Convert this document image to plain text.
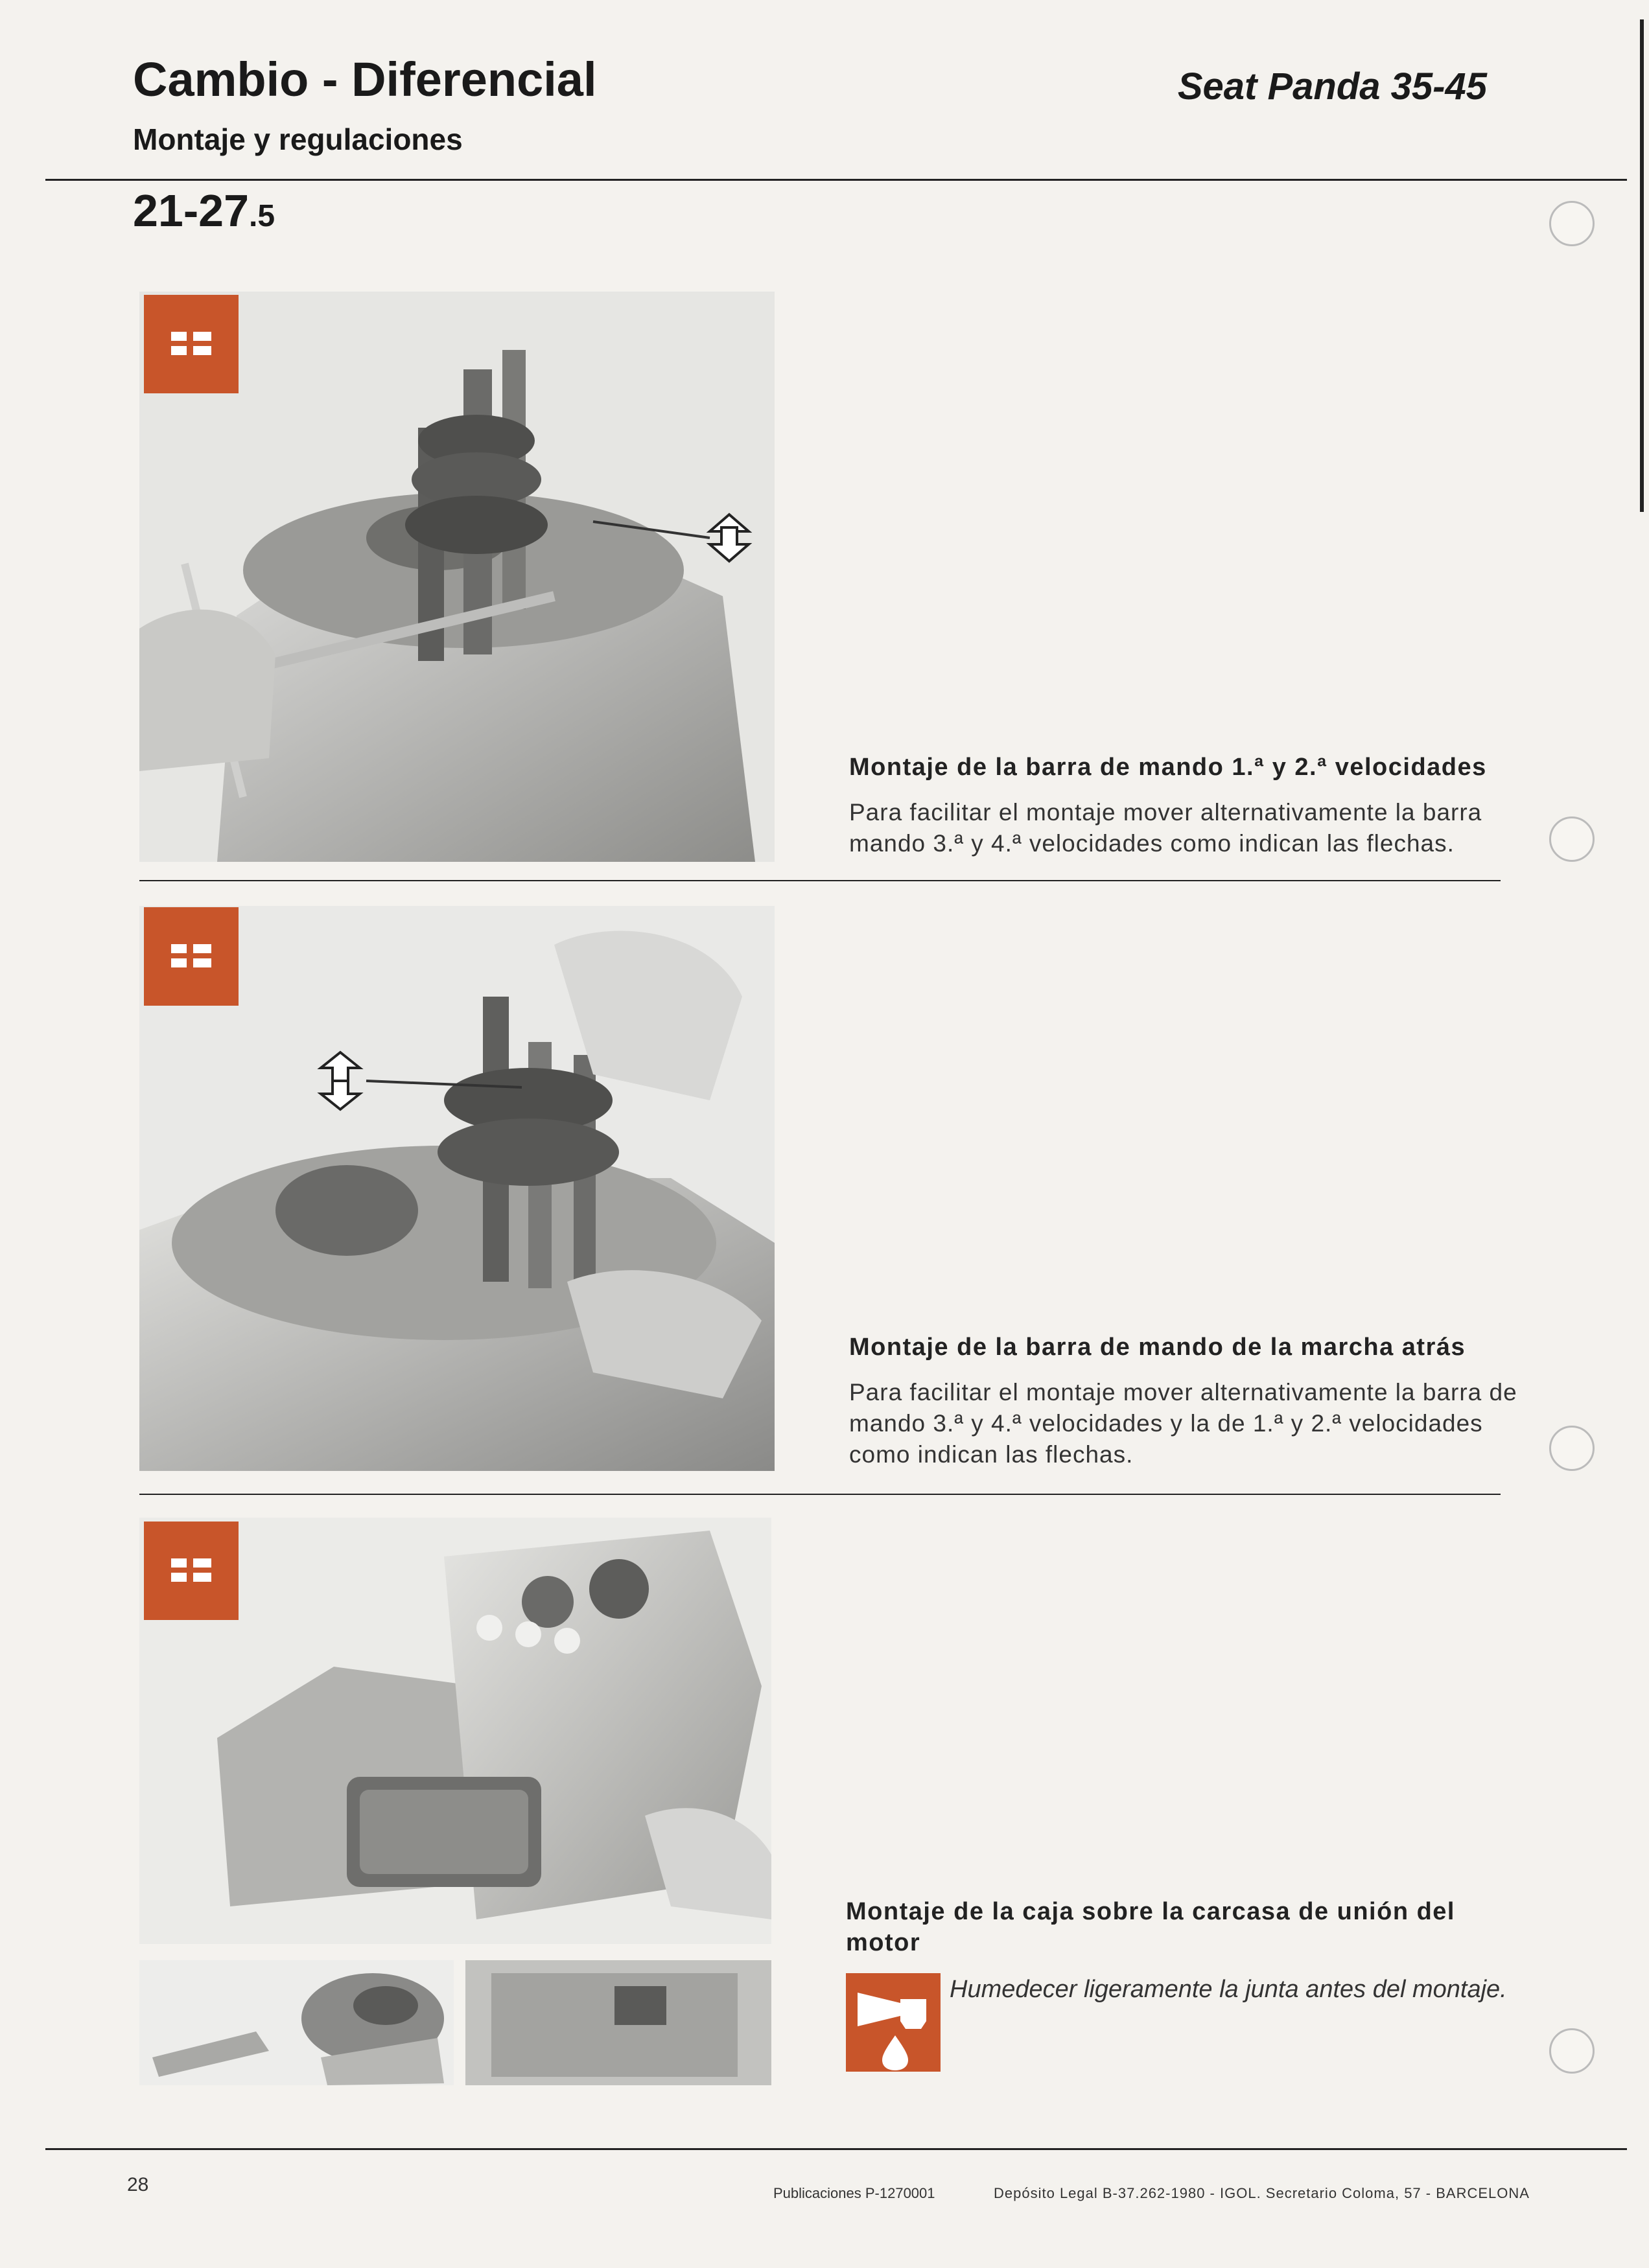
Cambio - Diferencial
Montaje y regulaciones
Seat Panda 35-45
21-27.5
Montaje de la barra de mando 1.ª y 2.ª velocidades
Para facilitar el montaje mover alternativamente la barra mando 3.ª y 4.ª velocidades como indican las flechas.
Montaje de la barra de mando de la marcha atrás
Para facilitar el montaje mover alternativamente la barra de mando 3.ª y 4.ª velocidades y la de 1.ª y 2.ª velocidades como indican las flechas.
Montaje de la caja sobre la carcasa de unión del motor
Humedecer ligeramente la junta antes del montaje.
28	Publicaciones P-1270001	Depósito Legal B-37.262-1980 - IGOL. Secretario Coloma, 57 - BARCELONA
